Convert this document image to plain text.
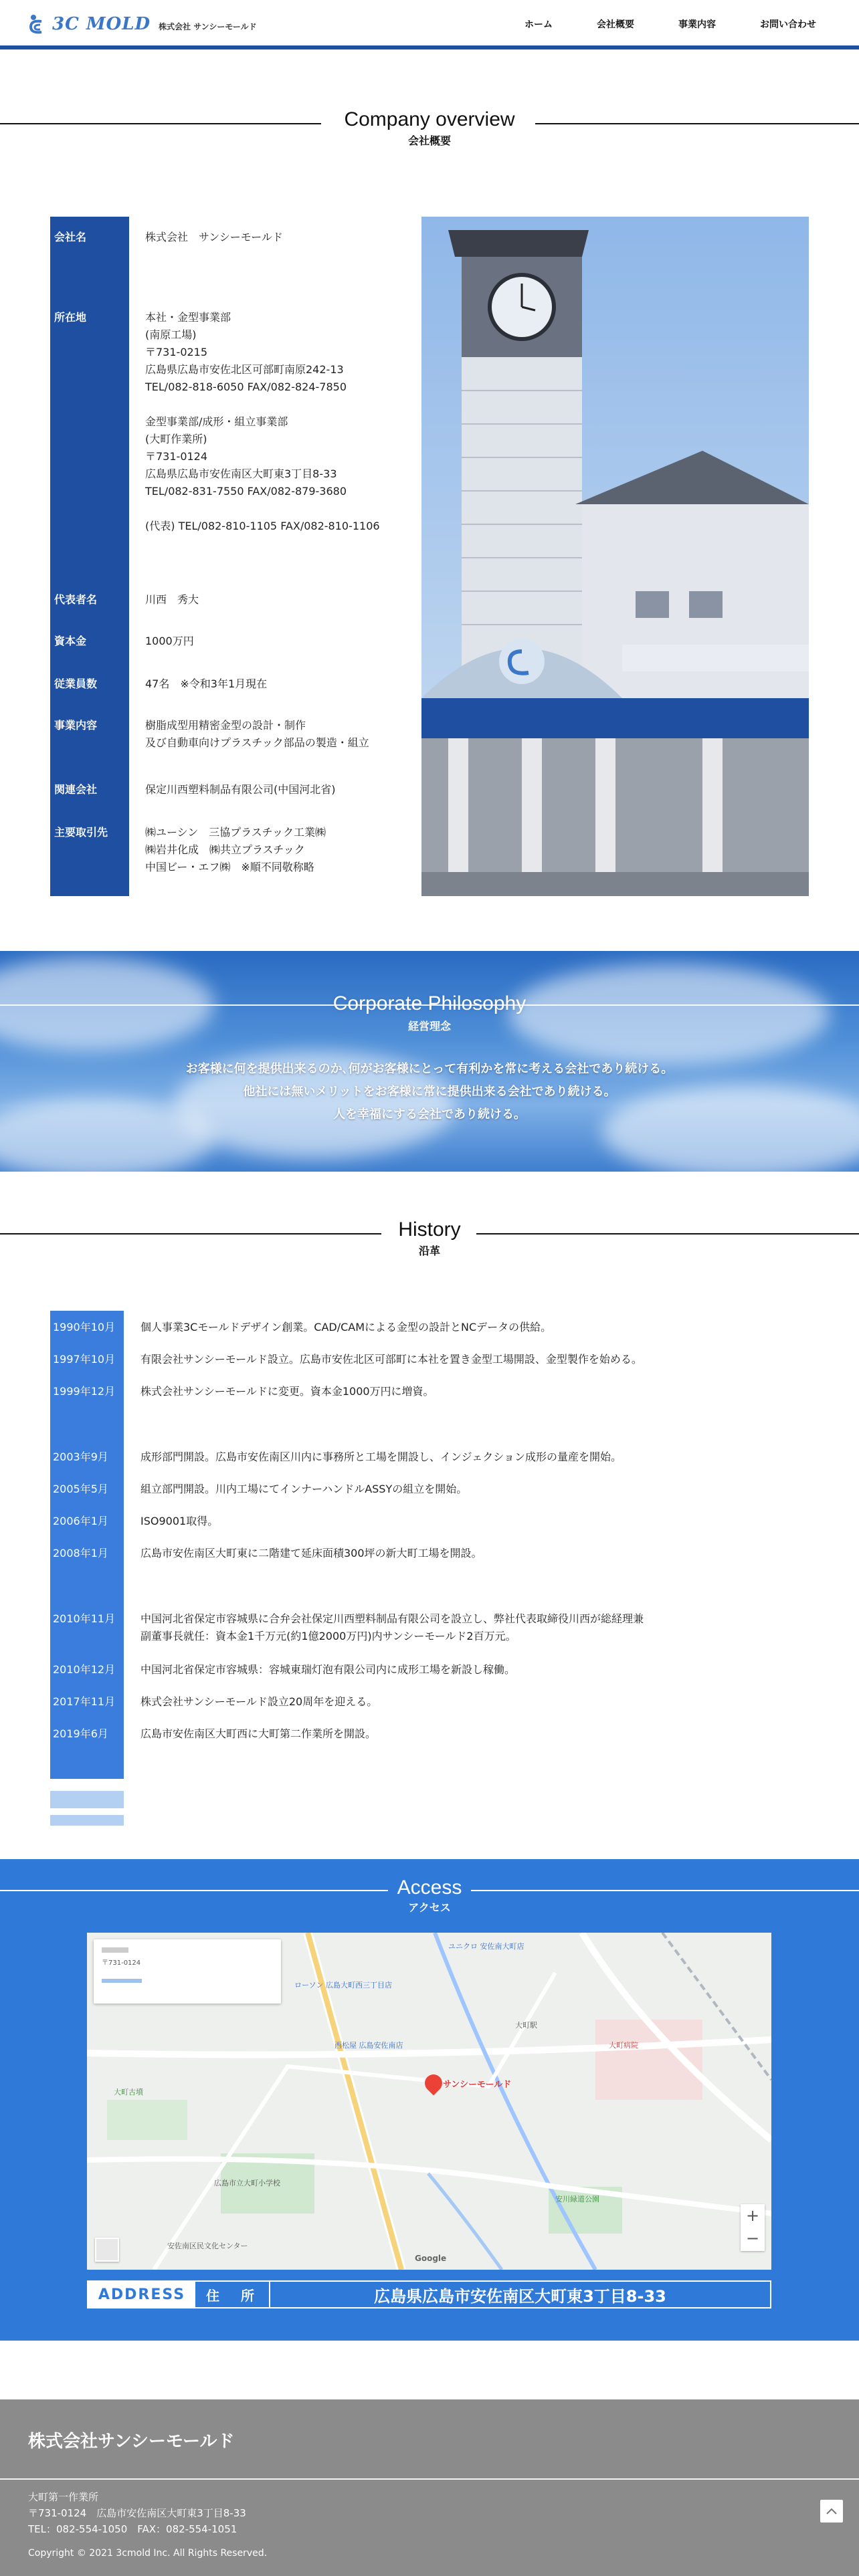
3C MOLD 株式会社 サンシーモールド	ホーム	会社概要	事業内容	お問い合わせ
Company overview
会社概要
会社名	株式会社　サンシーモールド
所在地	本社・金型事業部
(南原工場)
〒731-0215
広島県広島市安佐北区可部町南原242-13
TEL/082-818-6050 FAX/082-824-7850

金型事業部/成形・組立事業部
(大町作業所)
〒731-0124
広島県広島市安佐南区大町東3丁目8-33
TEL/082-831-7550 FAX/082-879-3680

(代表) TEL/082-810-1105 FAX/082-810-1106
代表者名	川西　秀大
資本金	1000万円
従業員数	47名　※令和3年1月現在
事業内容	樹脂成型用精密金型の設計・制作
及び自動車向けプラスチック部品の製造・組立
関連会社	保定川西塑料制品有限公司(中国河北省)
主要取引先	㈱ユーシン　三協プラスチック工業㈱
㈱岩井化成　㈱共立プラスチック
中国ビー・エフ㈱　※順不同敬称略
Corporate Philosophy
経営理念
お客様に何を提供出来るのか､何がお客様にとって有利かを常に考える会社であり続ける。
他社には無いメリットをお客様に常に提供出来る会社であり続ける。
人を幸福にする会社であり続ける。
History
沿革
1990年10月	個人事業3Cモールドデザイン創業。CAD/CAMによる金型の設計とNCデータの供給。
1997年10月	有限会社サンシーモールド設立。広島市安佐北区可部町に本社を置き金型工場開設、金型製作を始める。
1999年12月	株式会社サンシーモールドに変更。資本金1000万円に増資。
2003年9月	成形部門開設。広島市安佐南区川内に事務所と工場を開設し、インジェクション成形の量産を開始。
2005年5月	組立部門開設。川内工場にてインナーハンドルASSYの組立を開始。
2006年1月	ISO9001取得。
2008年1月	広島市安佐南区大町東に二階建て延床面積300坪の新大町工場を開設。
2010年11月	中国河北省保定市容城県に合弁会社保定川西塑料制品有限公司を設立し、弊社代表取締役川西が総経理兼
副董事長就任：資本金1千万元(約1億2000万円)内サンシーモールド2百万元。
2010年12月	中国河北省保定市容城県：容城東瑞灯泡有限公司内に成形工場を新設し稼働。
2017年11月	株式会社サンシーモールド設立20周年を迎える。
2019年6月	広島市安佐南区大町西に大町第二作業所を開設。
Access
アクセス
〒731-0124
サンシーモールド
ユニクロ 安佐南大町店
ローソン 広島大町西三丁目店
西松屋 広島安佐南店
大町古墳
大町駅
安佐南区民文化センター
広島市立大町小学校
大町病院
安川緑道公園
Google
+
−
ADDRESS	住　所	広島県広島市安佐南区大町東3丁目8-33
株式会社サンシーモールド
大町第一作業所
〒731-0124　広島市安佐南区大町東3丁目8-33
TEL：082-554-1050　FAX：082-554-1051
Copyright © 2021 3cmold Inc. All Rights Reserved.
